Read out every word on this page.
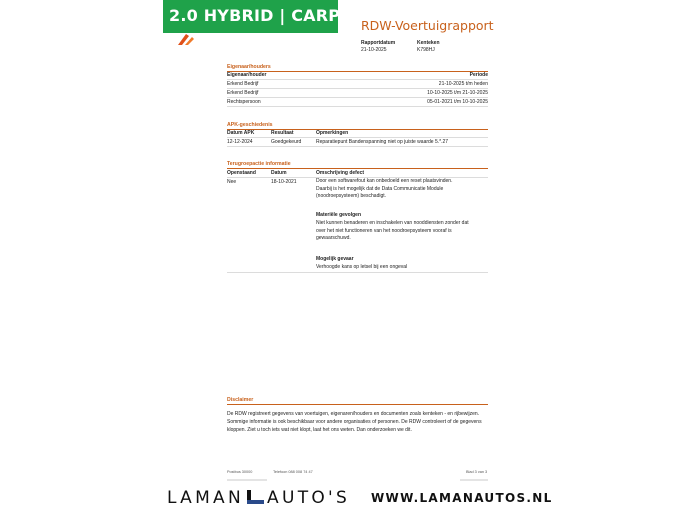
2.0 HYBRID | CARPLAY
RDW-Voertuigrapport
Rapportdatum
21-10-2025
Kenteken
K798HJ
Eigenaar/houders
Eigenaar/houder	Periode
Erkend Bedrijf	21-10-2025 t/m heden
Erkend Bedrijf	10-10-2025 t/m 21-10-2025
Rechtspersoon	05-01-2021 t/m 10-10-2025
APK-geschiedenis
Datum APK	Resultaat	Opmerkingen
12-12-2024	Goedgekeurd	Reparatiepunt Bandenspanning niet op juiste waarde 5.*.27
Terugroepactie informatie
Openstaand	Datum	Omschrijving defect
Nee	18-10-2021	Door een softwarefout kan onbedoeld een reset plaatsvinden.
Daarbij is het mogelijk dat de Data Communicatie Module
(noodroepsysteem) beschadigt.
Materiële gevolgen
Niet kunnen benaderen en inschakelen van nooddiensten zonder dat
over het niet functioneren van het noodroepsysteem vooraf is
gewaarschuwd.
Mogelijk gevaar
Verhoogde kans op letsel bij een ongeval
Disclaimer
De RDW registreert gegevens van voertuigen, eigenaren/houders en documenten zoals kenteken - en rijbewijzen. Sommige informatie is ook beschikbaar voor andere organisaties of personen. De RDW controleert of de gegevens kloppen. Ziet u toch iets wat niet klopt, laat het ons weten. Dan onderzoeken we dit.
Postbus 30000	Telefoon 088 008 74 47	Blad 3 van 3
LAMAN AUTO'S WWW.LAMANAUTOS.NL
